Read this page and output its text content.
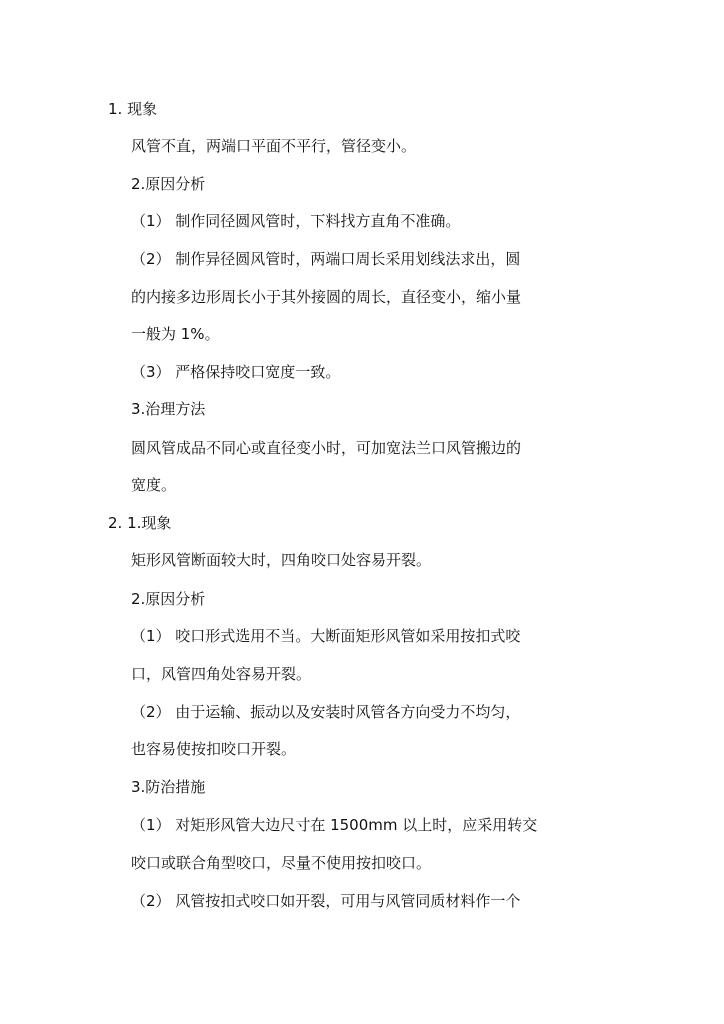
1. 现象
风管不直，两端口平面不平行，管径变小。
2.原因分析
（1） 制作同径圆风管时，下料找方直角不准确。
（2） 制作异径圆风管时，两端口周长采用划线法求出，圆
的内接多边形周长小于其外接圆的周长，直径变小，缩小量
一般为 1%。
（3） 严格保持咬口宽度一致。
3.治理方法
圆风管成品不同心或直径变小时，可加宽法兰口风管搬边的
宽度。
2. 1.现象
矩形风管断面较大时，四角咬口处容易开裂。
2.原因分析
（1） 咬口形式选用不当。大断面矩形风管如采用按扣式咬
口，风管四角处容易开裂。
（2） 由于运输、振动以及安装时风管各方向受力不均匀，
也容易使按扣咬口开裂。
3.防治措施
（1） 对矩形风管大边尺寸在 1500mm 以上时，应采用转交
咬口或联合角型咬口，尽量不使用按扣咬口。
（2） 风管按扣式咬口如开裂，可用与风管同质材料作一个
